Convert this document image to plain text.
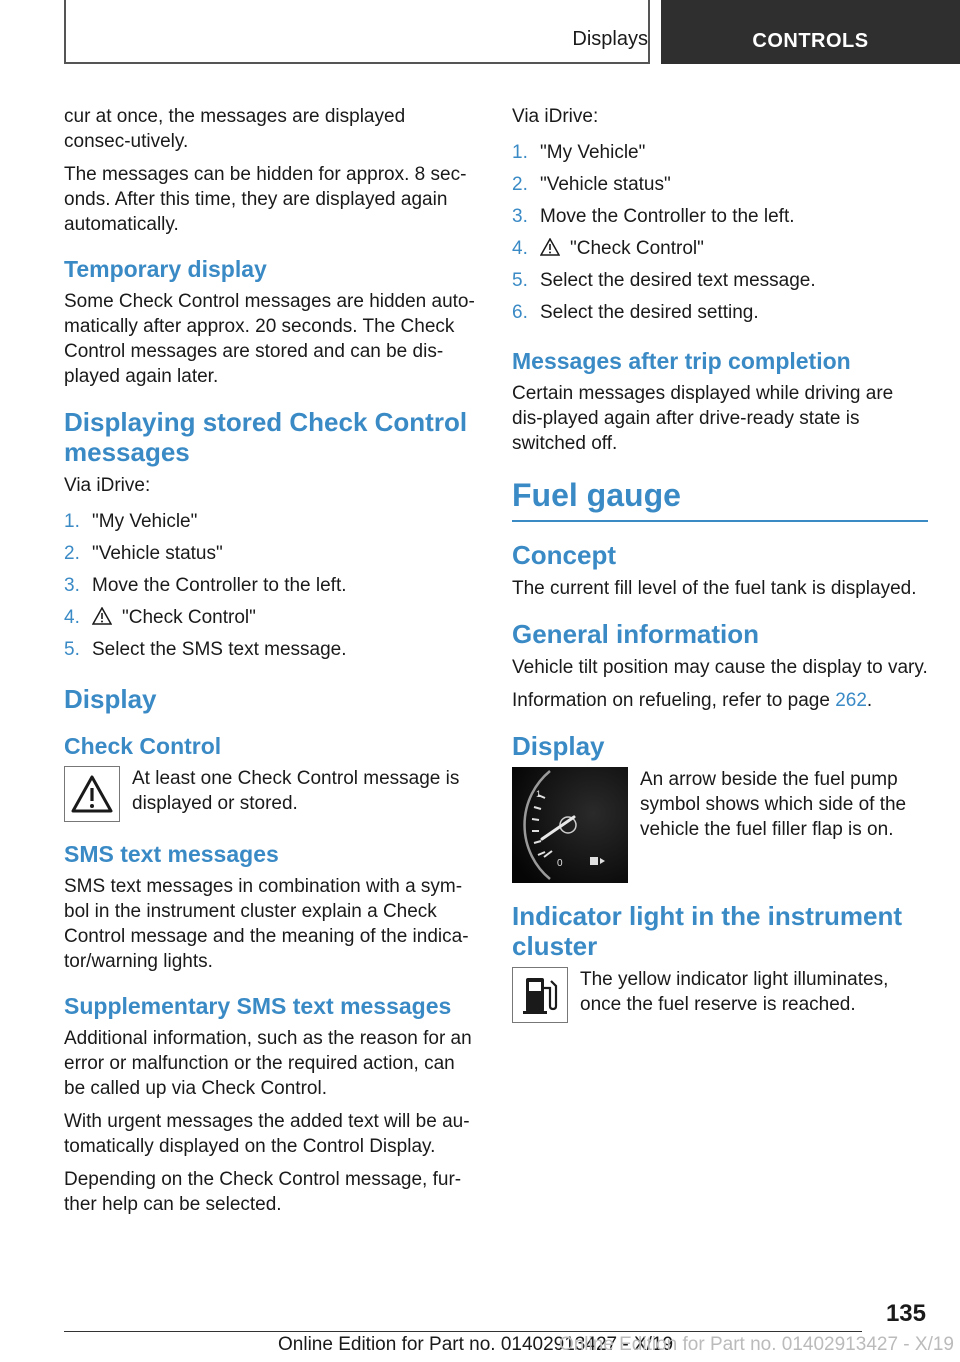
Displays	CONTROLS

cur at once, the messages are displayed consec‐utively.

The messages can be hidden for approx. 8 sec‐onds. After this time, they are displayed again automatically.

Temporary display

Some Check Control messages are hidden auto‐matically after approx. 20 seconds. The Check Control messages are stored and can be dis‐played again later.

Displaying stored Check Control messages

Via iDrive:

1. "My Vehicle"
2. "Vehicle status"
3. Move the Controller to the left.
4.	"Check Control"
5. Select the SMS text message.
Display
Check Control

At least one Check Control message is displayed or stored.

SMS text messages

SMS text messages in combination with a sym‐bol in the instrument cluster explain a Check Control message and the meaning of the indica‐tor/warning lights.

Supplementary SMS text messages

Additional information, such as the reason for an error or malfunction or the required action, can be called up via Check Control.

With urgent messages the added text will be au‐tomatically displayed on the Control Display.

Depending on the Check Control message, fur‐ther help can be selected.

Via iDrive:

1. "My Vehicle"
2. "Vehicle status"
3. Move the Controller to the left.
4.	"Check Control"
5. Select the desired text message.
6. Select the desired setting.
Messages after trip completion

Certain messages displayed while driving are dis‐played again after drive-ready state is switched off.

Fuel gauge
Concept

The current fill level of the fuel tank is displayed.

General information

Vehicle tilt position may cause the display to vary.

Information on refueling, refer to page 262.

Display
1
0

An arrow beside the fuel pump symbol shows which side of the vehicle the fuel filler flap is on.

Indicator light in the instrument cluster

The yellow indicator light illuminates, once the fuel reserve is reached.

135
Online Edition for Part no. 01402913427 - X/19
Online Edition for Part no. 01402913427 - X/19
